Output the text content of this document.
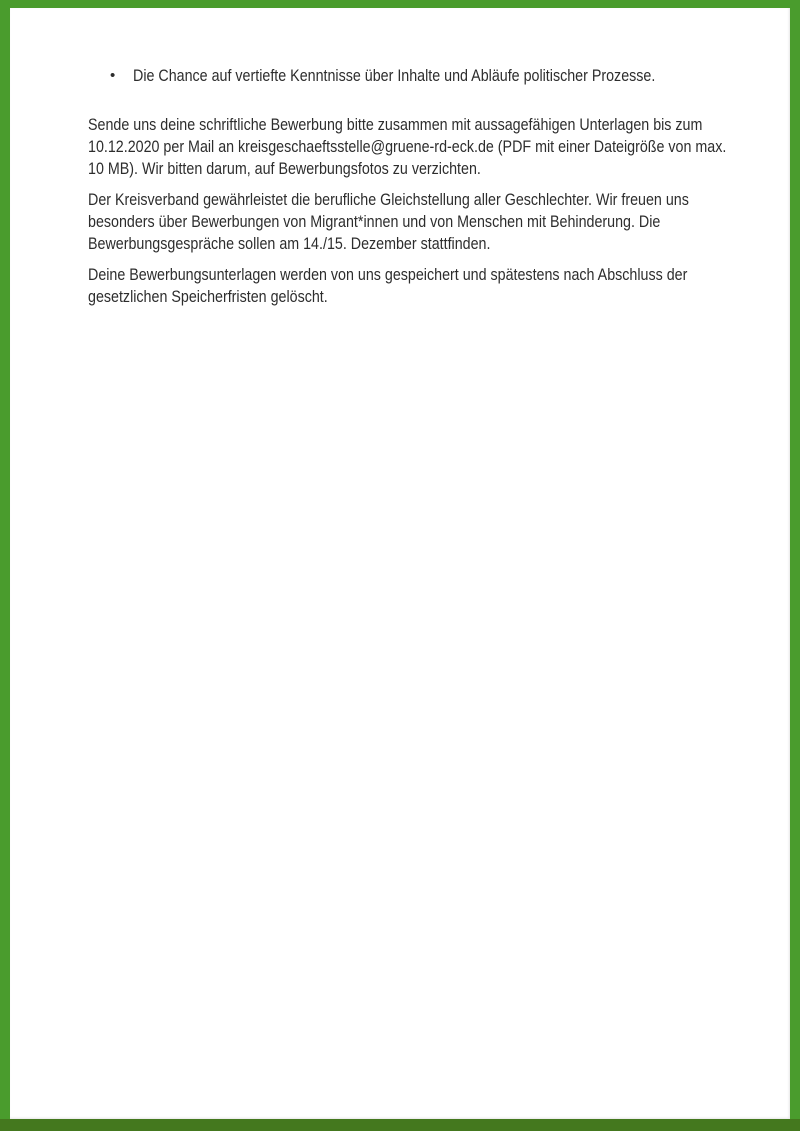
• Die Chance auf vertiefte Kenntnisse über Inhalte und Abläufe politischer Prozesse.
Sende uns deine schriftliche Bewerbung bitte zusammen mit aussagefähigen Unterlagen bis zum
10.12.2020 per Mail an kreisgeschaeftsstelle@gruene-rd-eck.de (PDF mit einer Dateigröße von max.
10 MB). Wir bitten darum, auf Bewerbungsfotos zu verzichten.
Der Kreisverband gewährleistet die berufliche Gleichstellung aller Geschlechter. Wir freuen uns
besonders über Bewerbungen von Migrant*innen und von Menschen mit Behinderung. Die
Bewerbungsgespräche sollen am 14./15. Dezember stattfinden.
Deine Bewerbungsunterlagen werden von uns gespeichert und spätestens nach Abschluss der
gesetzlichen Speicherfristen gelöscht.
